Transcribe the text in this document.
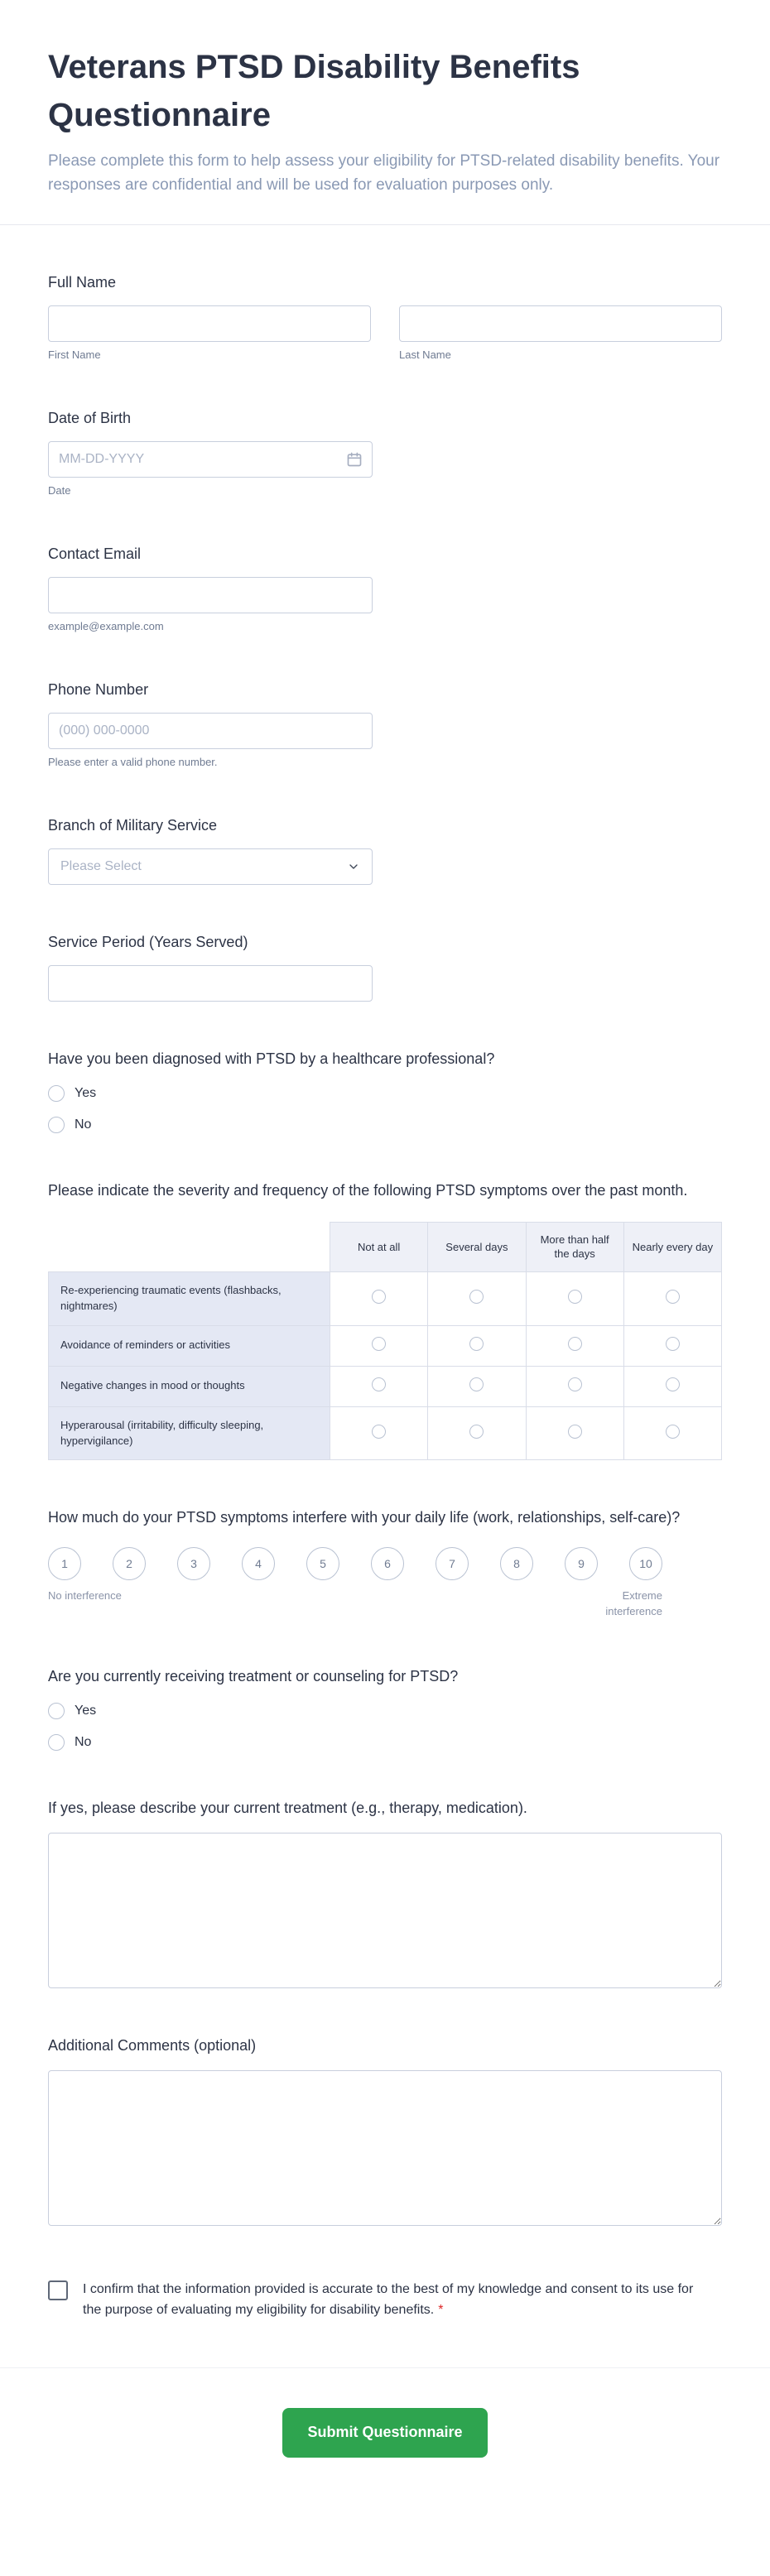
Veterans PTSD Disability Benefits Questionnaire

Please complete this form to help assess your eligibility for PTSD-related disability benefits. Your responses are confidential and will be used for evaluation purposes only.

Full Name
First Name	Last Name
Date of Birth
MM-DD-YYYY
Date
Contact Email
example@example.com
Phone Number
(000) 000-0000
Please enter a valid phone number.
Branch of Military Service
Please Select
Service Period (Years Served)
Have you been diagnosed with PTSD by a healthcare professional?
Yes
No
Please indicate the severity and frequency of the following PTSD symptoms over the past month.
	Not at all	Several days	More than half the days	Nearly every day
Re-experiencing traumatic events (flashbacks, nightmares)				
Avoidance of reminders or activities				
Negative changes in mood or thoughts				
Hyperarousal (irritability, difficulty sleeping, hypervigilance)				
How much do your PTSD symptoms interfere with your daily life (work, relationships, self-care)?
1	2	3	4	5	6	7	8	9	10
No interference	Extreme interference
Are you currently receiving treatment or counseling for PTSD?
Yes
No
If yes, please describe your current treatment (e.g., therapy, medication).
Additional Comments (optional)
I confirm that the information provided is accurate to the best of my knowledge and consent to its use for the purpose of evaluating my eligibility for disability benefits. *
Submit Questionnaire
